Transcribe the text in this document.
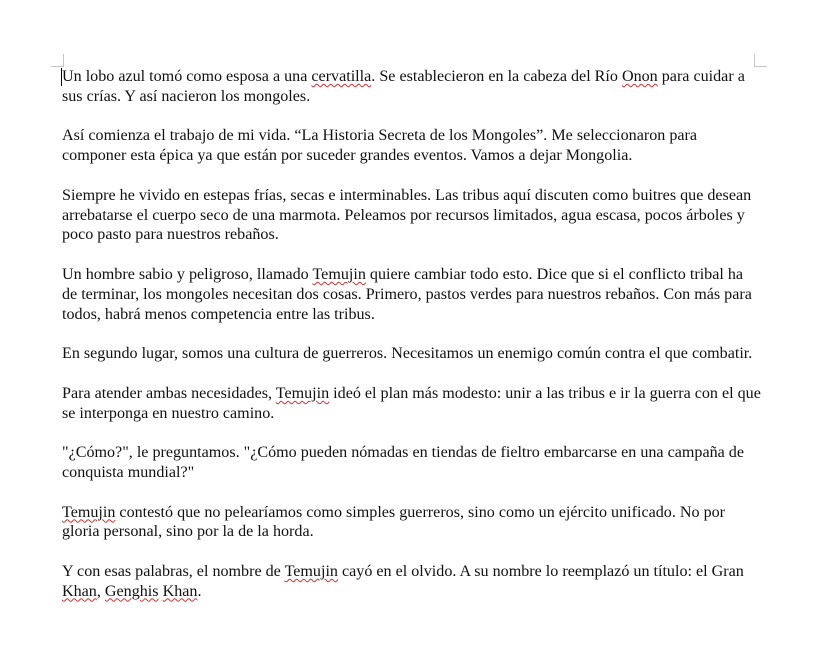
Un lobo azul tomó como esposa a una cervatilla. Se establecieron en la cabeza del Río Onon para cuidar a sus crías. Y así nacieron los mongoles.

Así comienza el trabajo de mi vida. “La Historia Secreta de los Mongoles”. Me seleccionaron para componer esta épica ya que están por suceder grandes eventos. Vamos a dejar Mongolia.

Siempre he vivido en estepas frías, secas e interminables. Las tribus aquí discuten como buitres que desean arrebatarse el cuerpo seco de una marmota. Peleamos por recursos limitados, agua escasa, pocos árboles y poco pasto para nuestros rebaños.

Un hombre sabio y peligroso, llamado Temujin quiere cambiar todo esto. Dice que si el conflicto tribal ha de terminar, los mongoles necesitan dos cosas. Primero, pastos verdes para nuestros rebaños. Con más para todos, habrá menos competencia entre las tribus.

En segundo lugar, somos una cultura de guerreros. Necesitamos un enemigo común contra el que combatir.

Para atender ambas necesidades, Temujin ideó el plan más modesto: unir a las tribus e ir la guerra con el que se interponga en nuestro camino.

"¿Cómo?", le preguntamos. "¿Cómo pueden nómadas en tiendas de fieltro embarcarse en una campaña de conquista mundial?"

Temujin contestó que no pelearíamos como simples guerreros, sino como un ejército unificado. No por gloria personal, sino por la de la horda.

Y con esas palabras, el nombre de Temujin cayó en el olvido. A su nombre lo reemplazó un título: el Gran Khan, Genghis Khan.
